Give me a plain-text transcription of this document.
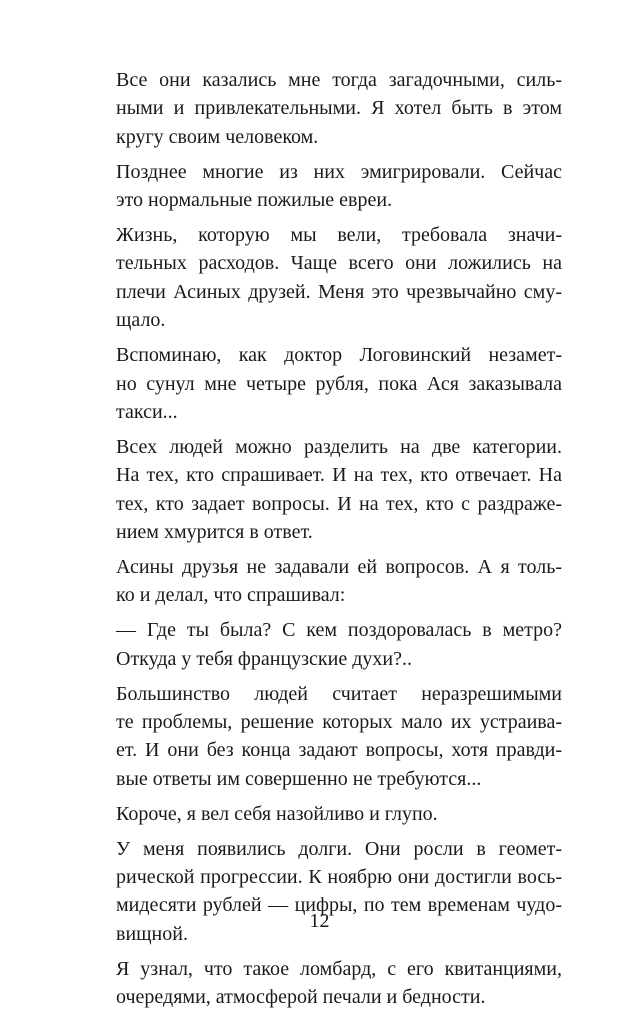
Все они казались мне тогда загадочными, силь-
ными и привлекательными. Я хотел быть в этом
кругу своим человеком.
Позднее многие из них эмигрировали. Сейчас
это нормальные пожилые евреи.
Жизнь, которую мы вели, требовала значи-
тельных расходов. Чаще всего они ложились на
плечи Асиных друзей. Меня это чрезвычайно сму-
щало.
Вспоминаю, как доктор Логовинский незамет-
но сунул мне четыре рубля, пока Ася заказывала
такси...
Всех людей можно разделить на две категории.
На тех, кто спрашивает. И на тех, кто отвечает. На
тех, кто задает вопросы. И на тех, кто с раздраже-
нием хмурится в ответ.
Асины друзья не задавали ей вопросов. А я толь-
ко и делал, что спрашивал:
— Где ты была? С кем поздоровалась в метро?
Откуда у тебя французские духи?..
Большинство людей считает неразрешимыми
те проблемы, решение которых мало их устраива-
ет. И они без конца задают вопросы, хотя правди-
вые ответы им совершенно не требуются...
Короче, я вел себя назойливо и глупо.
У меня появились долги. Они росли в геомет-
рической прогрессии. К ноябрю они достигли вось-
мидесяти рублей — цифры, по тем временам чудо-
вищной.
Я узнал, что такое ломбард, с его квитанциями,
очередями, атмосферой печали и бедности.
12
